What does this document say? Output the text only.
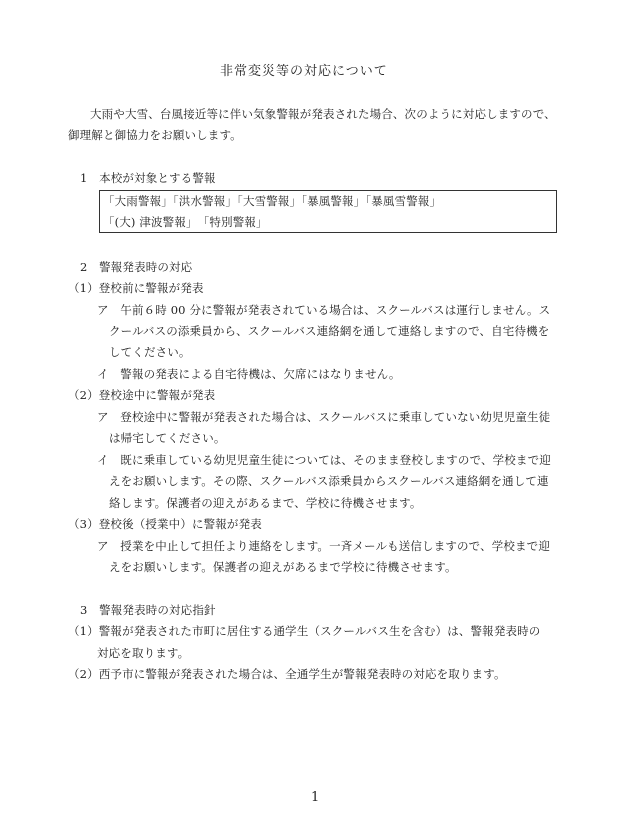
非常変災等の対応について
大雨や大雪、台風接近等に伴い気象警報が発表された場合、次のように対応しますので、
御理解と御協力をお願いします。
1　本校が対象とする警報
「大雨警報」「洪水警報」「大雪警報」「暴風警報」「暴風雪警報」
「(大) 津波警報」　「特別警報」
2　警報発表時の対応
（1）登校前に警報が発表
ア　午前６時 00 分に警報が発表されている場合は、スクールバスは運行しません。ス
クールバスの添乗員から、スクールバス連絡網を通して連絡しますので、自宅待機を
してください。
イ　警報の発表による自宅待機は、欠席にはなりません。
（2）登校途中に警報が発表
ア　登校途中に警報が発表された場合は、スクールバスに乗車していない幼児児童生徒
は帰宅してください。
イ　既に乗車している幼児児童生徒については、そのまま登校しますので、学校まで迎
えをお願いします。その際、スクールバス添乗員からスクールバス連絡網を通して連
絡します。保護者の迎えがあるまで、学校に待機させます。
（3）登校後（授業中）に警報が発表
ア　授業を中止して担任より連絡をします。一斉メールも送信しますので、学校まで迎
えをお願いします。保護者の迎えがあるまで学校に待機させます。
3　警報発表時の対応指針
（1）警報が発表された市町に居住する通学生（スクールバス生を含む）は、警報発表時の
対応を取ります。
（2）西予市に警報が発表された場合は、全通学生が警報発表時の対応を取ります。
1
